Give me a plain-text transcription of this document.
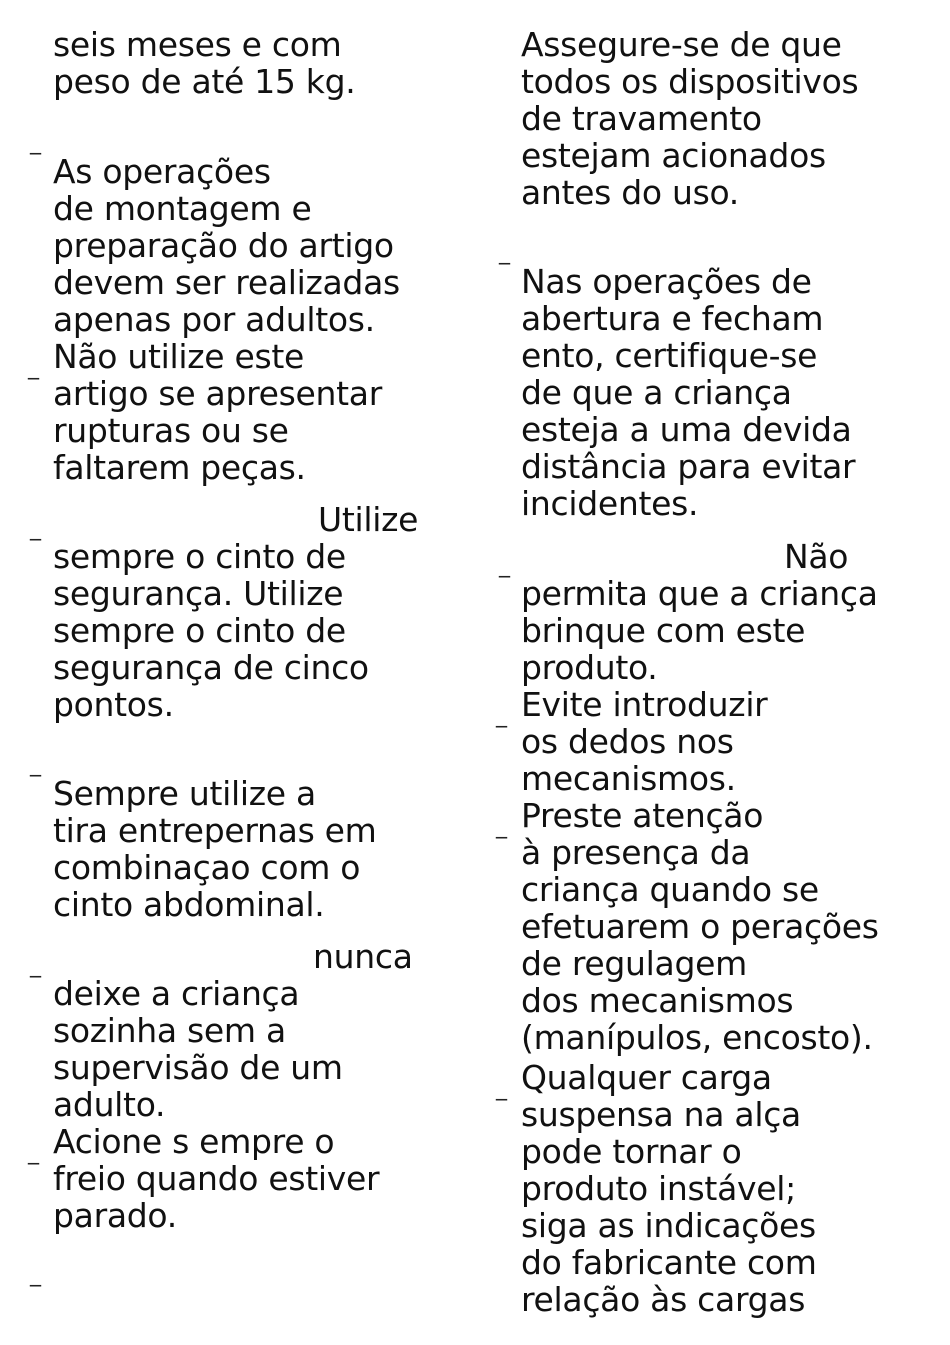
seis meses e com
peso de até 15 kg.
_
As operações
de montagem e
preparação do artigo
devem ser realizadas
apenas por adultos.
_ Não utilize este
artigo se apresentar
rupturas ou se
faltarem peças.
Utilize
_
sempre o cinto de
segurança. Utilize
sempre o cinto de
segurança de cinco
pontos.
_
Sempre utilize a
tira entrepernas em
combinaçao com o
cinto abdominal.
nunca
_
deixe a criança
sozinha sem a
supervisão de um
adulto.
_ Acione s empre o
freio quando estiver
parado.
_
Assegure-se de que
todos os dispositivos
de travamento
estejam acionados
antes do uso.
_
Nas operações de
abertura e fecham
ento, certifique-se
de que a criança
esteja a uma devida
distância para evitar
incidentes.
Não
_
permita que a criança
brinque com este
produto.
_ Evite introduzir
os dedos nos
mecanismos.
_ Preste atenção
à presença da
criança quando se
efetuarem o perações
de regulagem
dos mecanismos
(manípulos, encosto).
_ Qualquer carga
suspensa na alça
pode tornar o
produto instável;
siga as indicações
do fabricante com
relação às cargas
